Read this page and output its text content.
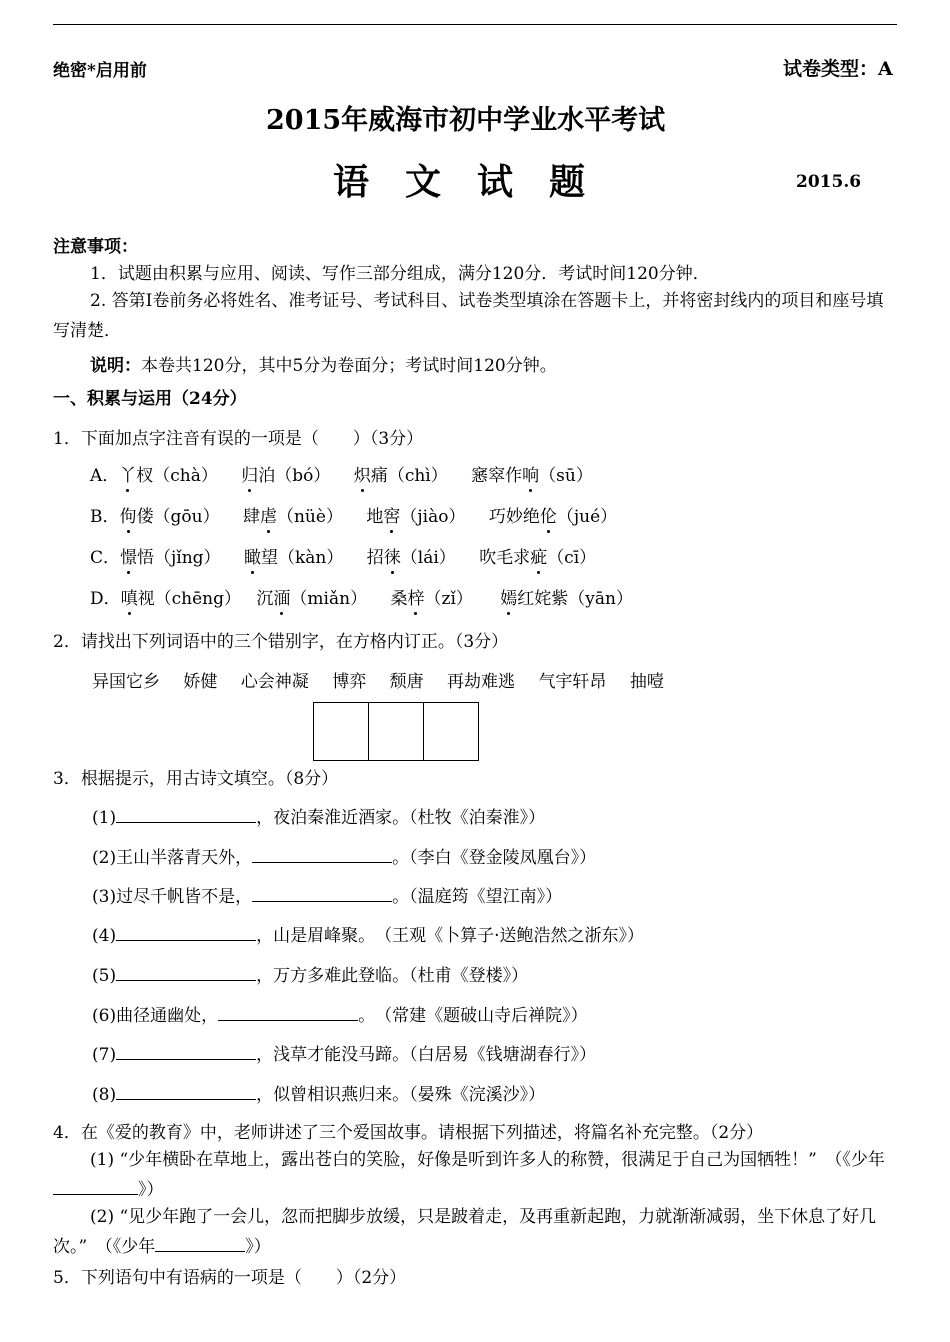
绝密*启用前	试卷类型：A
2015年威海市初中学业水平考试
语　文　试　题	2015.6
注意事项：
1．试题由积累与应用、阅读、写作三部分组成，满分120分．考试时间120分钟．
2. 答第Ⅰ卷前务必将姓名、准考证号、考试科目、试卷类型填涂在答题卡上，并将密封线内的项目和座号填写清楚．
说明：本卷共120分，其中5分为卷面分；考试时间120分钟。
一、积累与运用（24分）
1．下面加点字注音有误的一项是（　　）（3分）
A．丫杈（chà） 归泊（bó） 炽痛（chì） 窸窣作响（sū）
B．佝偻（gōu） 肆虐（nüè） 地窖（jiào） 巧妙绝伦（jué）
C．憬悟（jǐng） 瞰望（kàn） 招徕（lái） 吹毛求疵（cī）
D．嗔视（chēng） 沉湎（miǎn） 桑梓（zǐ） 嫣红姹紫（yān）
2．请找出下列词语中的三个错别字，在方格内订正。（3分）
异国它乡 娇健 心会神凝 博弈 颓唐 再劫难逃 气宇轩昂 抽噎
3．根据提示，用古诗文填空。（8分）
(1)	，夜泊秦淮近酒家。（杜牧《泊秦淮》）
(2)王山半落青天外，	。（李白《登金陵凤凰台》）
(3)过尽千帆皆不是，	。（温庭筠《望江南》）
(4)	，山是眉峰聚。　（王观《卜算子·送鲍浩然之浙东》）
(5)	，万方多难此登临。（杜甫《登楼》）
(6)曲径通幽处，	。　（常建《题破山寺后禅院》）
(7)	，浅草才能没马蹄。（白居易《钱塘湖春行》）
(8)	，似曾相识燕归来。（晏殊《浣溪沙》）
4．在《爱的教育》中，老师讲述了三个爱国故事。请根据下列描述，将篇名补充完整。（2分）
(1) “少年横卧在草地上，露出苍白的笑脸，好像是听到许多人的称赞，很满足于自己为国牺牲！”　（《少年》）
(2) “见少年跑了一会儿，忽而把脚步放缓，只是跛着走，及再重新起跑，力就渐渐减弱，坐下休息了好几次。”　（《少年	》）
5．下列语句中有语病的一项是（　　）（2分）
